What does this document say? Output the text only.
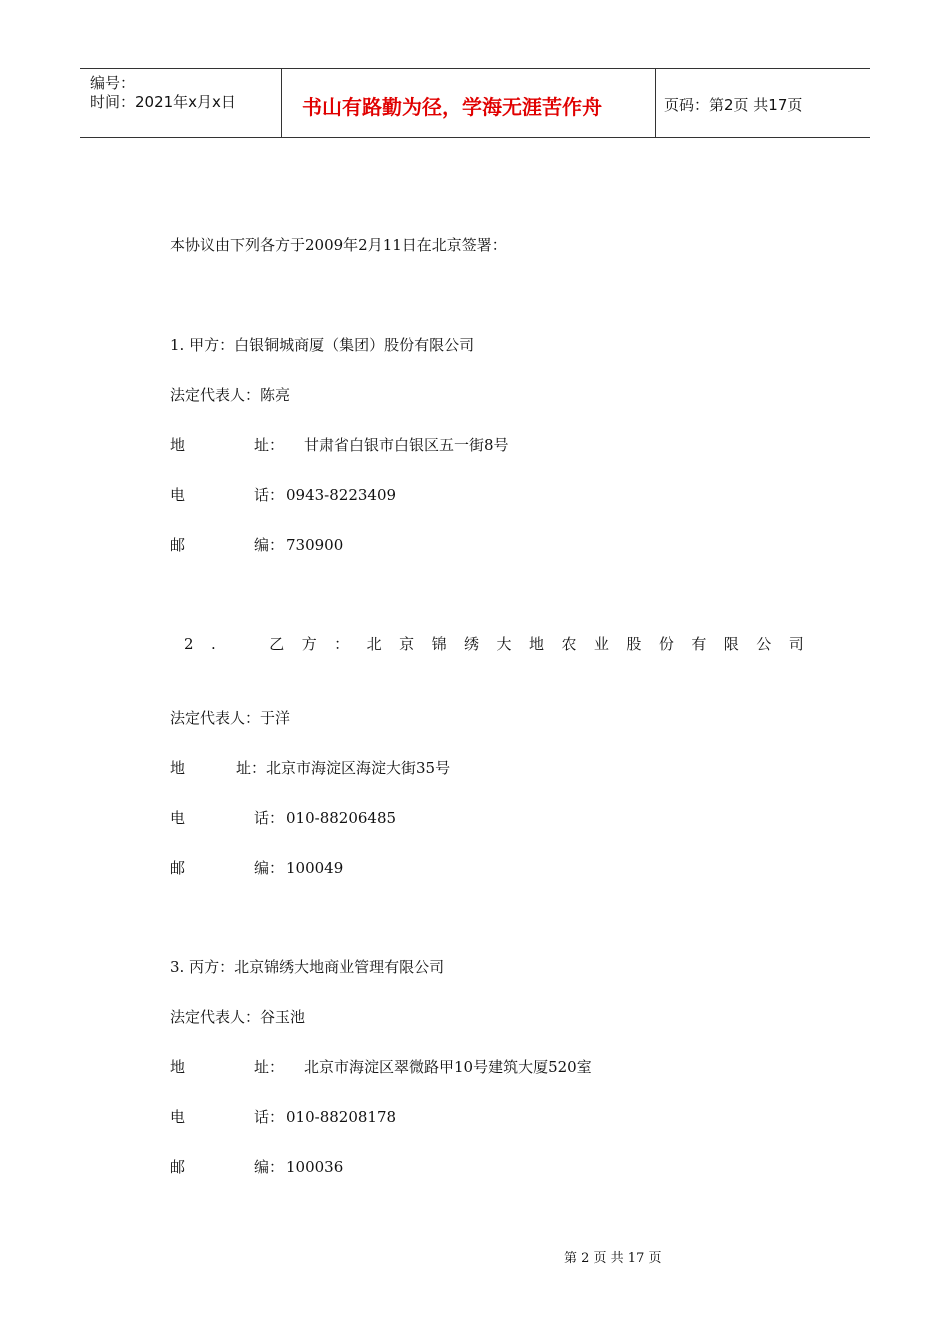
编号：
时间：2021年x月x日	书山有路勤为径，学海无涯苦作舟	页码：第2页 共17页
本协议由下列各方于2009年2月11日在北京签署：
1. 甲方：白银铜城商厦（集团）股份有限公司
法定代表人：陈亮
地	址： 甘肃省白银市白银区五一街8号
电	话： 0943-8223409
邮	编： 730900
2 .	乙 方 ： 北 京 锦 绣 大 地 农 业 股 份 有 限 公 司
法定代表人：于洋
地	址：北京市海淀区海淀大街35号
电	话： 010-88206485
邮	编： 100049
3. 丙方：北京锦绣大地商业管理有限公司
法定代表人：谷玉池
地	址： 北京市海淀区翠微路甲10号建筑大厦520室
电	话： 010-88208178
邮	编： 100036
第 2 页 共 17 页
